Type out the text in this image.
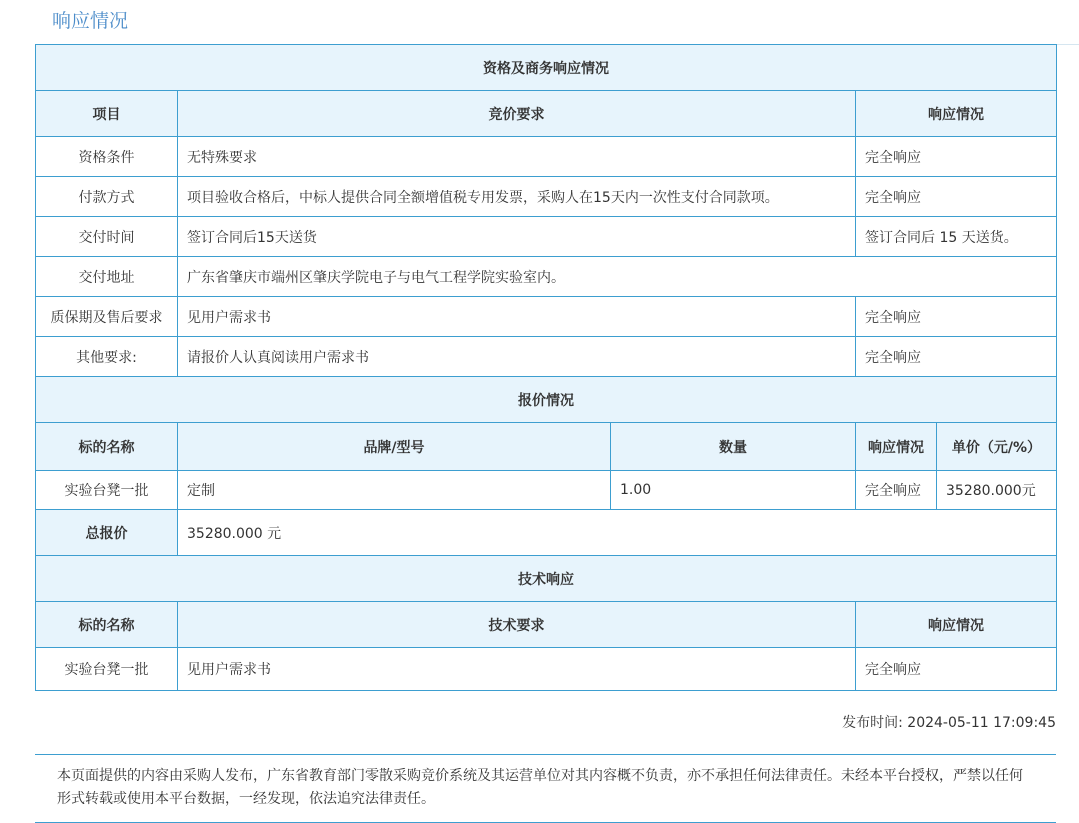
响应情况
资格及商务响应情况				
项目	竞价要求		响应情况	
资格条件	无特殊要求		完全响应	
付款方式	项目验收合格后，中标人提供合同全额增值税专用发票，采购人在15天内一次性支付合同款项。		完全响应	
交付时间	签订合同后15天送货		签订合同后 15 天送货。	
交付地址	广东省肇庆市端州区肇庆学院电子与电气工程学院实验室内。			
质保期及售后要求	见用户需求书		完全响应	
其他要求:	请报价人认真阅读用户需求书		完全响应	
报价情况				
标的名称	品牌/型号	数量	响应情况	单价（元/%）
实验台凳一批	定制	1.00	完全响应	35280.000元
总报价	35280.000 元			
技术响应				
标的名称	技术要求		响应情况	
实验台凳一批	见用户需求书		完全响应	
发布时间: 2024-05-11 17:09:45
本页面提供的内容由采购人发布，广东省教育部门零散采购竞价系统及其运营单位对其内容概不负责，亦不承担任何法律责任。未经本平台授权，严禁以任何形式转载或使用本平台数据，一经发现，依法追究法律责任。
